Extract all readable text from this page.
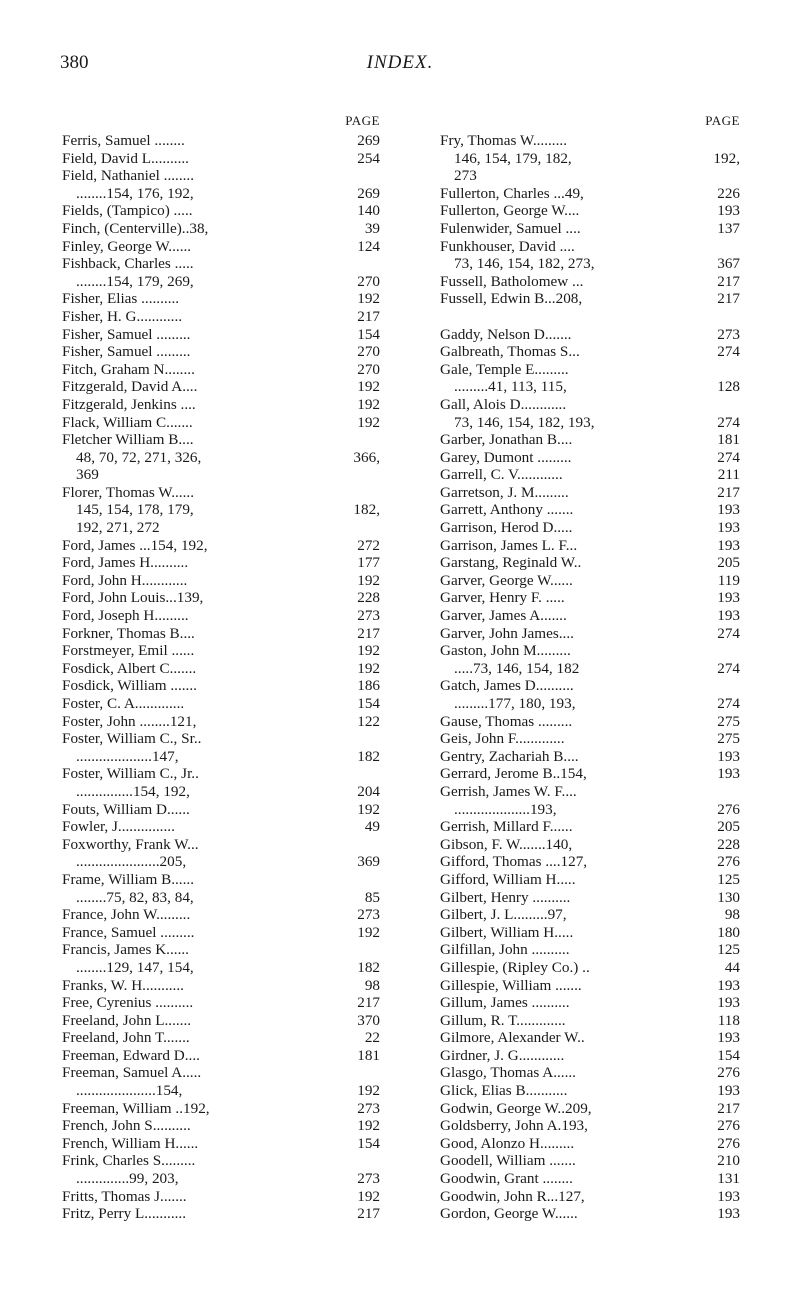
380	INDEX.
PAGE
Ferris, Samuel ........	269
Field, David L..........	254
Field, Nathaniel ........
........154, 176, 192,	269
Fields, (Tampico) .....	140
Finch, (Centerville)..38,	39
Finley, George W......	124
Fishback, Charles .....
........154, 179, 269,	270
Fisher, Elias ..........	192
Fisher, H. G............	217
Fisher, Samuel .........	154
Fisher, Samuel .........	270
Fitch, Graham N........	270
Fitzgerald, David A....	192
Fitzgerald, Jenkins ....	192
Flack, William C.......	192
Fletcher William B....
48, 70, 72, 271, 326,	366,
369
Florer, Thomas W......
145, 154, 178, 179,	182,
192, 271, 272
Ford, James ...154, 192,	272
Ford, James H..........	177
Ford, John H............	192
Ford, John Louis...139,	228
Ford, Joseph H.........	273
Forkner, Thomas B....	217
Forstmeyer, Emil ......	192
Fosdick, Albert C.......	192
Fosdick, William .......	186
Foster, C. A.............	154
Foster, John ........121,	122
Foster, William C., Sr..
....................147,	182
Foster, William C., Jr..
...............154, 192,	204
Fouts, William D......	192
Fowler, J...............	49
Foxworthy, Frank W...
......................205,	369
Frame, William B......
........75, 82, 83, 84,	85
France, John W.........	273
France, Samuel .........	192
Francis, James K......
........129, 147, 154,	182
Franks, W. H...........	98
Free, Cyrenius ..........	217
Freeland, John L.......	370
Freeland, John T.......	22
Freeman, Edward D....	181
Freeman, Samuel A.....
.....................154,	192
Freeman, William ..192,	273
French, John S..........	192
French, William H......	154
Frink, Charles S.........
..............99, 203,	273
Fritts, Thomas J.......	192
Fritz, Perry L...........	217
PAGE
Fry, Thomas W.........
146, 154, 179, 182,	192,
273
Fullerton, Charles ...49,	226
Fullerton, George W....	193
Fulenwider, Samuel ....	137
Funkhouser, David ....
73, 146, 154, 182, 273,	367
Fussell, Batholomew ...	217
Fussell, Edwin B...208,	217
Gaddy, Nelson D.......	273
Galbreath, Thomas S...	274
Gale, Temple E.........
.........41, 113, 115,	128
Gall, Alois D............
73, 146, 154, 182, 193,	274
Garber, Jonathan B....	181
Garey, Dumont .........	274
Garrell, C. V............	211
Garretson, J. M.........	217
Garrett, Anthony .......	193
Garrison, Herod D.....	193
Garrison, James L. F...	193
Garstang, Reginald W..	205
Garver, George W......	119
Garver, Henry F. .....	193
Garver, James A.......	193
Garver, John James....	274
Gaston, John M.........
.....73, 146, 154, 182	274
Gatch, James D..........
.........177, 180, 193,	274
Gause, Thomas .........	275
Geis, John F.............	275
Gentry, Zachariah B....	193
Gerrard, Jerome B..154,	193
Gerrish, James W. F....
....................193,	276
Gerrish, Millard F......	205
Gibson, F. W.......140,	228
Gifford, Thomas ....127,	276
Gifford, William H.....	125
Gilbert, Henry ..........	130
Gilbert, J. L.........97,	98
Gilbert, William H.....	180
Gilfillan, John ..........	125
Gillespie, (Ripley Co.) ..	44
Gillespie, William .......	193
Gillum, James ..........	193
Gillum, R. T.............	118
Gilmore, Alexander W..	193
Girdner, J. G............	154
Glasgo, Thomas A......	276
Glick, Elias B...........	193
Godwin, George W..209,	217
Goldsberry, John A.193,	276
Good, Alonzo H.........	276
Goodell, William .......	210
Goodwin, Grant ........	131
Goodwin, John R...127,	193
Gordon, George W......	193
